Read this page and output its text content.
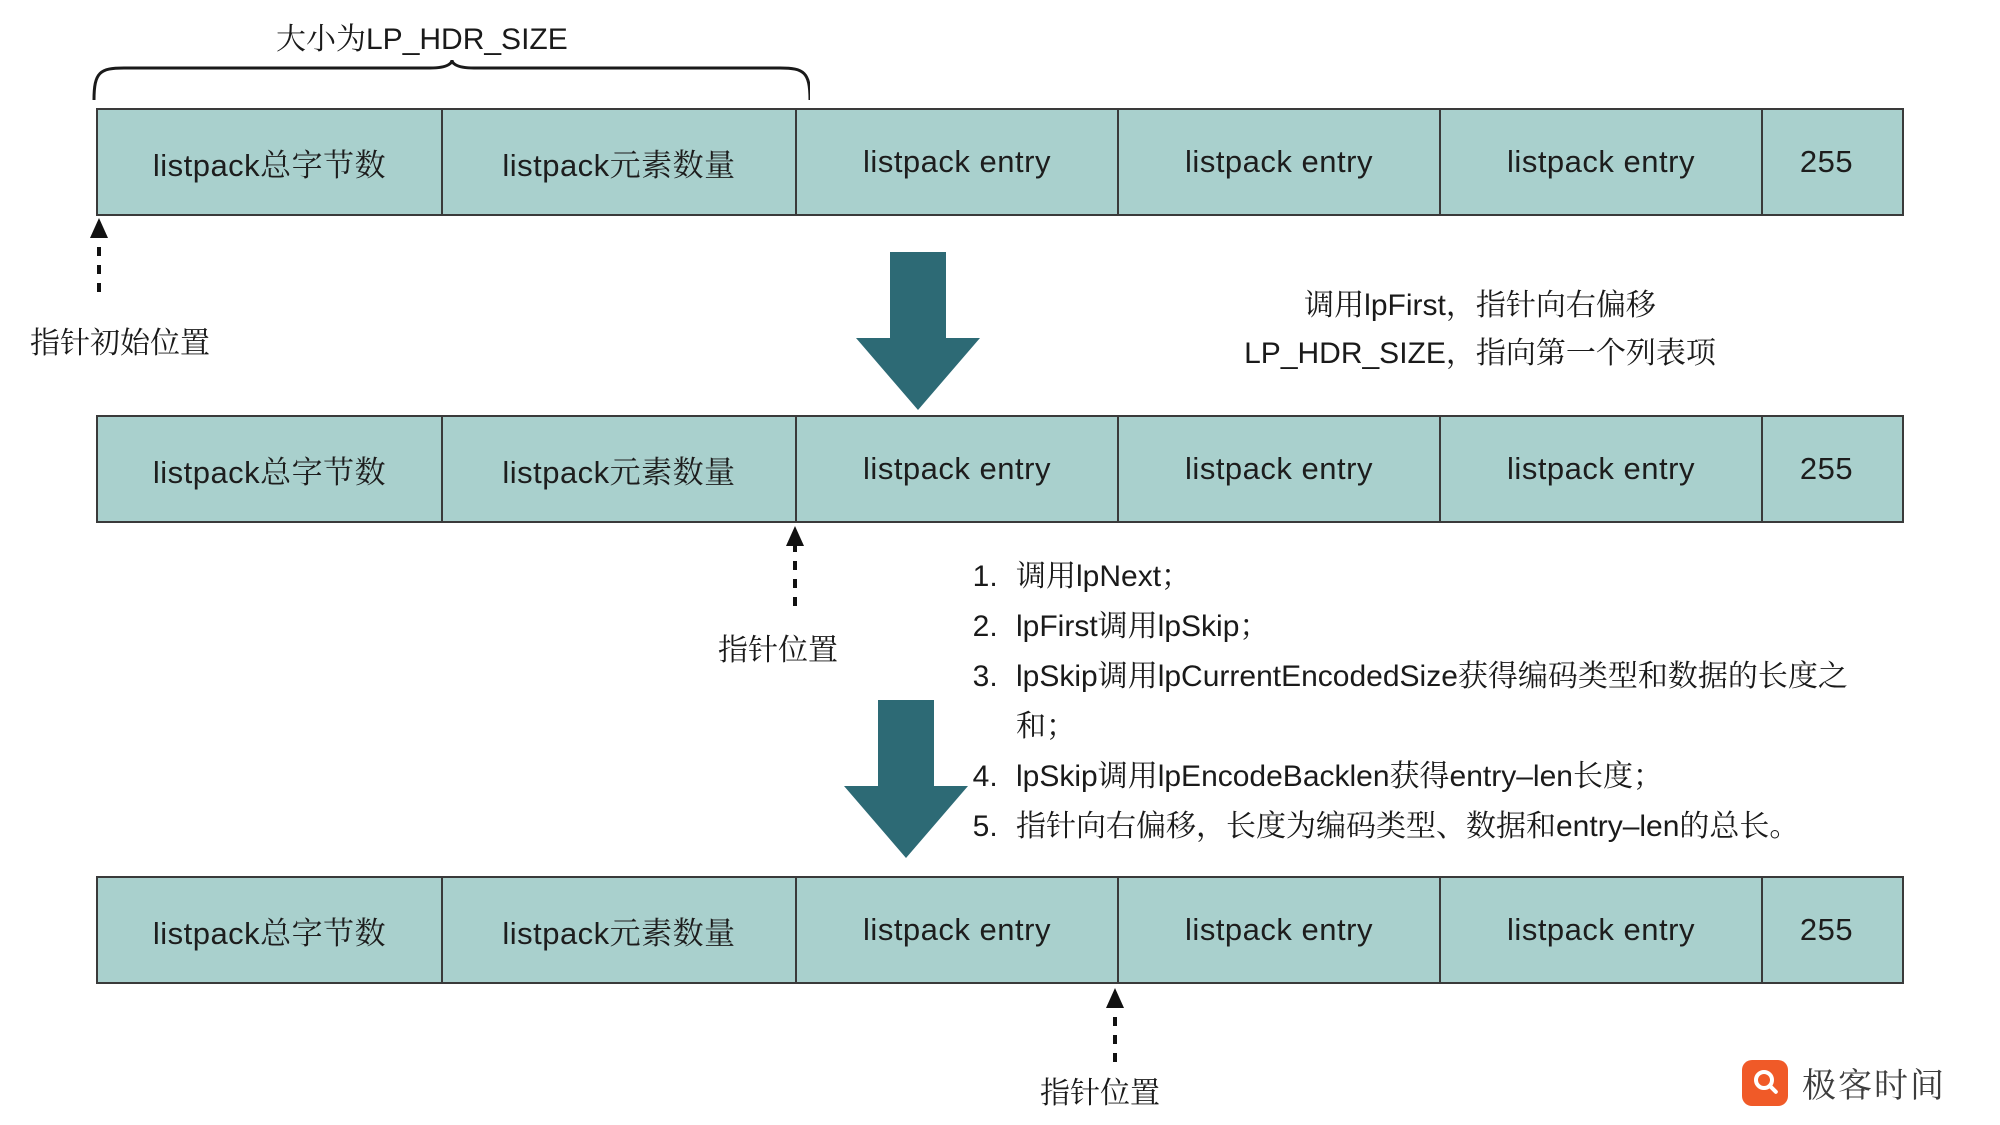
大小为LP_HDR_SIZE
listpack总字节数	listpack元素数量	listpack entry	listpack entry	listpack entry	255
指针初始位置
调用lpFirst，指针向右偏移
LP_HDR_SIZE，指向第一个列表项
listpack总字节数	listpack元素数量	listpack entry	listpack entry	listpack entry	255
指针位置
1. 调用lpNext；
2. lpFirst调用lpSkip；
3. lpSkip调用lpCurrentEncodedSize获得编码类型和数据的长度之和；
4. lpSkip调用lpEncodeBacklen获得entry–len长度；
5. 指针向右偏移，长度为编码类型、数据和entry–len的总长。
listpack总字节数	listpack元素数量	listpack entry	listpack entry	listpack entry	255
指针位置	极客时间
